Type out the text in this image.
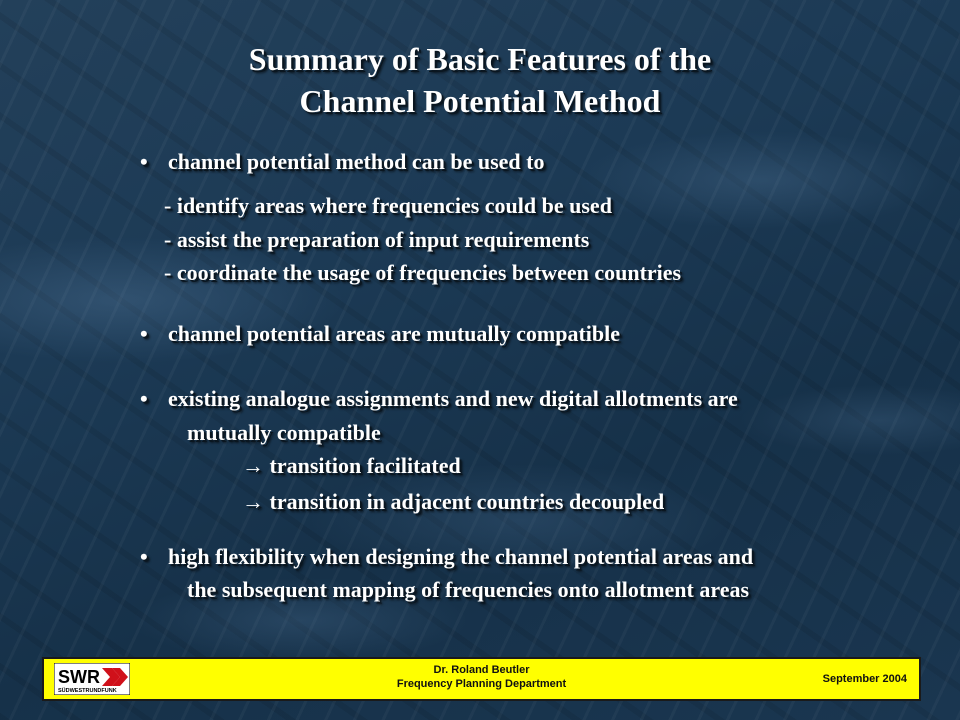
Summary of Basic Features of the
Channel Potential Method
• channel potential method can be used to
- identify areas where frequencies could be used
- assist the preparation of input requirements
- coordinate the usage of frequencies between countries
• channel potential areas are mutually compatible
• existing analogue assignments and new digital allotments are
mutually compatible
→ transition facilitated
→ transition in adjacent countries decoupled
• high flexibility when designing the channel potential areas and
the subsequent mapping of frequencies onto allotment areas
SWR
SÜDWESTRUNDFUNK
Dr. Roland Beutler
Frequency Planning Department	September 2004
